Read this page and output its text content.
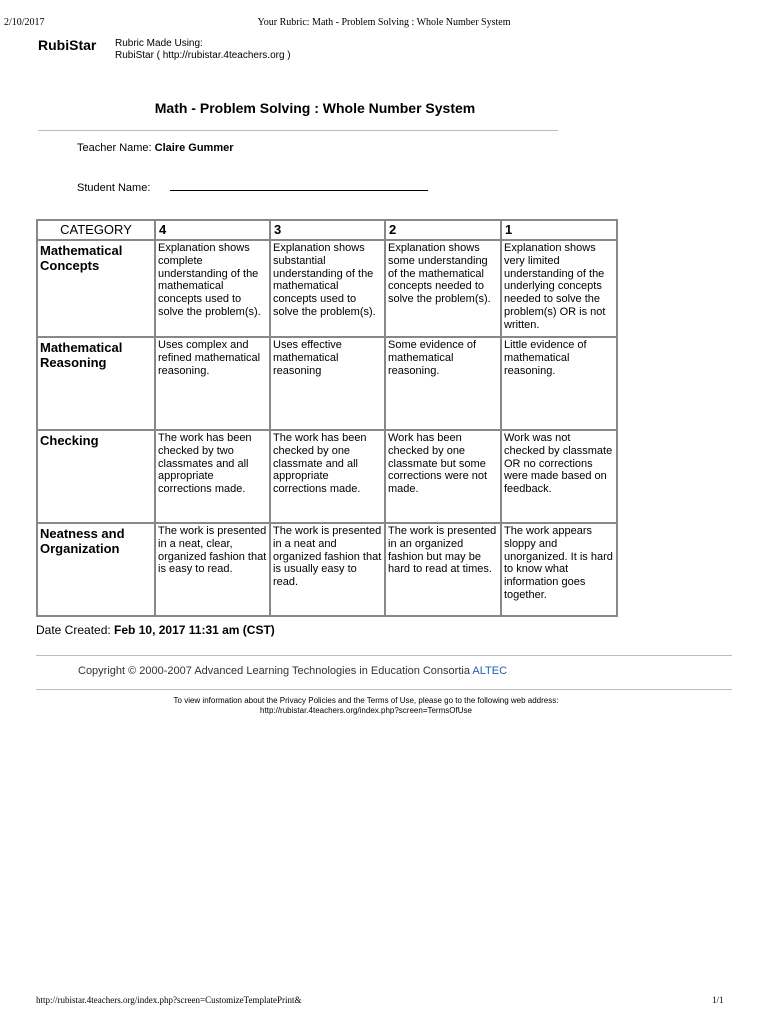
2/10/2017	Your Rubric: Math - Problem Solving : Whole Number System
RubiStar Rubric Made Using:
RubiStar ( http://rubistar.4teachers.org )
Math - Problem Solving : Whole Number System
Teacher Name: Claire Gummer
Student Name:
CATEGORY	4	3	2	1
Mathematical Concepts	Explanation shows complete understanding of the mathematical concepts used to solve the problem(s).	Explanation shows substantial understanding of the mathematical concepts used to solve the problem(s).	Explanation shows some understanding of the mathematical concepts needed to solve the problem(s).	Explanation shows very limited understanding of the underlying concepts needed to solve the problem(s) OR is not written.
Mathematical Reasoning	Uses complex and refined mathematical reasoning.	Uses effective mathematical reasoning	Some evidence of mathematical reasoning.	Little evidence of mathematical reasoning.
Checking	The work has been checked by two classmates and all appropriate corrections made.	The work has been checked by one classmate and all appropriate corrections made.	Work has been checked by one classmate but some corrections were not made.	Work was not checked by classmate OR no corrections were made based on feedback.
Neatness and Organization	The work is presented in a neat, clear, organized fashion that is easy to read.	The work is presented in a neat and organized fashion that is usually easy to read.	The work is presented in an organized fashion but may be hard to read at times.	The work appears sloppy and unorganized. It is hard to know what information goes together.
Date Created: Feb 10, 2017 11:31 am (CST)
Copyright © 2000-2007 Advanced Learning Technologies in Education Consortia ALTEC
To view information about the Privacy Policies and the Terms of Use, please go to the following web address:
http://rubistar.4teachers.org/index.php?screen=TermsOfUse
http://rubistar.4teachers.org/index.php?screen=CustomizeTemplatePrint&	1/1
